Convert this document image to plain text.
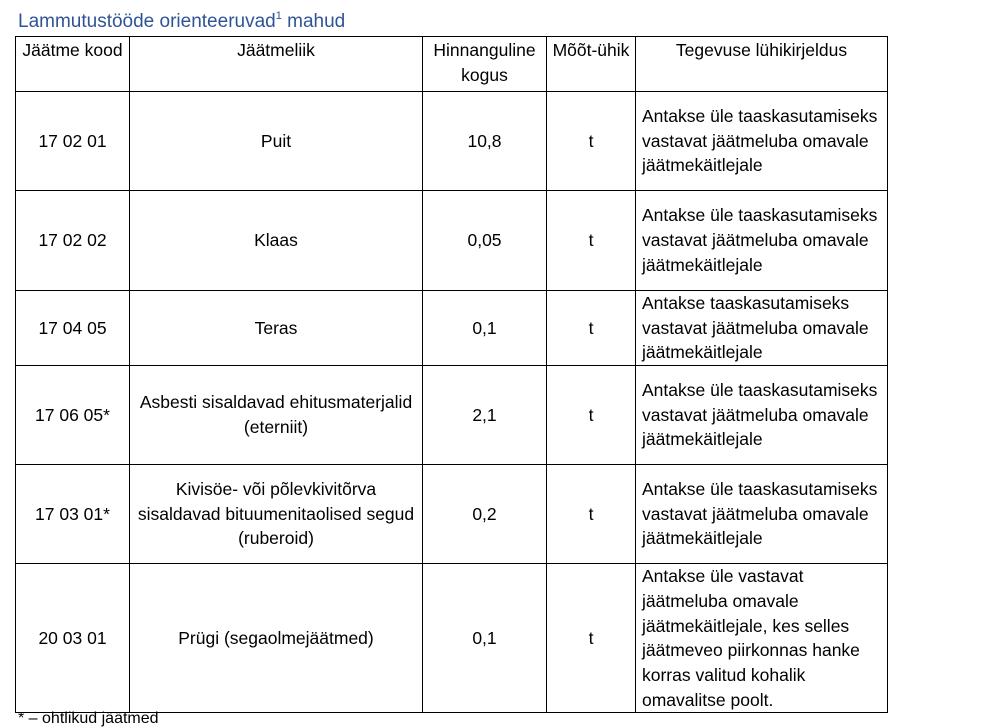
Lammutustööde orienteeruvad$^1$ mahud
Jäätme kood	Jäätmeliik	Hinnanguline kogus	Mõõt-ühik	Tegevuse lühikirjeldus
17 02 01	Puit	10,8	t	Antakse üle taaskasutamiseks vastavat jäätmeluba omavale jäätmekäitlejale
17 02 02	Klaas	0,05	t	Antakse üle taaskasutamiseks vastavat jäätmeluba omavale jäätmekäitlejale
17 04 05	Teras	0,1	t	Antakse taaskasutamiseks vastavat jäätmeluba omavale jäätmekäitlejale
17 06 05*	Asbesti sisaldavad ehitusmaterjalid (eterniit)	2,1	t	Antakse üle taaskasutamiseks vastavat jäätmeluba omavale jäätmekäitlejale
17 03 01*	Kivisöe- või põlevkivitõrva sisaldavad bituumenitaolised segud (ruberoid)	0,2	t	Antakse üle taaskasutamiseks vastavat jäätmeluba omavale jäätmekäitlejale
20 03 01	Prügi (segaolmejäätmed)	0,1	t	Antakse üle vastavat jäätmeluba omavale jäätmekäitlejale, kes selles jäätmeveo piirkonnas hanke korras valitud kohalik omavalitse poolt.
* – ohtlikud jäätmed
